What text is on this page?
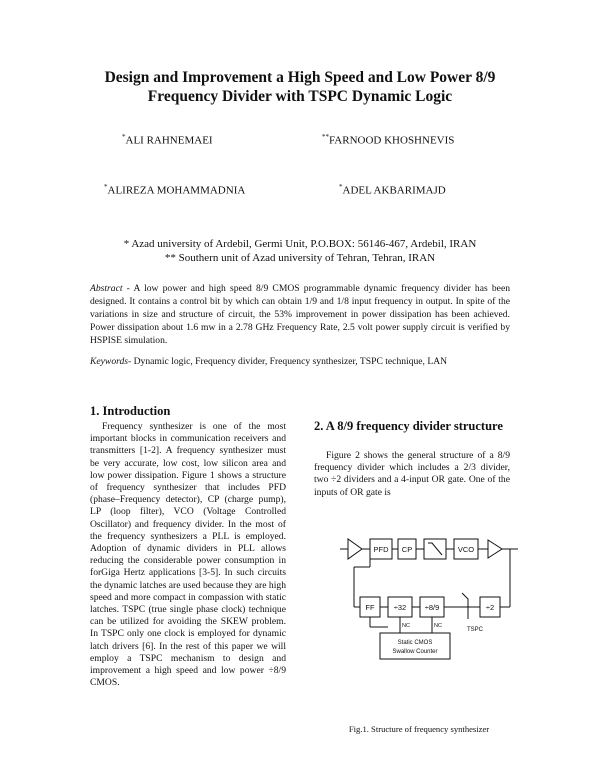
Design and Improvement a High Speed and Low Power 8/9
Frequency Divider with TSPC Dynamic Logic
*ALI RAHNEMAEI	**FARNOOD KHOSHNEVIS
*ALIREZA MOHAMMADNIA	*ADEL AKBARIMAJD
* Azad university of Ardebil, Germi Unit, P.O.BOX: 56146-467, Ardebil, IRAN
** Southern unit of Azad university of Tehran, Tehran, IRAN
Abstract - A low power and high speed 8/9 CMOS programmable dynamic frequency divider has been designed. It contains a control bit by which can obtain 1/9 and 1/8 input frequency in output. In spite of the variations in size and structure of circuit, the 53% improvement in power dissipation has been achieved. Power dissipation about 1.6 mw in a 2.78 GHz Frequency Rate, 2.5 volt power supply circuit is verified by HSPISE simulation.
Keywords- Dynamic logic, Frequency divider, Frequency synthesizer, TSPC technique, LAN
1. Introduction
Frequency synthesizer is one of the most important blocks in communication receivers and transmitters [1-2]. A frequency synthesizer must be very accurate, low cost, low silicon area and low power dissipation. Figure 1 shows a structure of frequency synthesizer that includes PFD (phase–Frequency detector), CP (charge pump), LP (loop filter), VCO (Voltage Controlled Oscillator) and frequency divider. In the most of the frequency synthesizers a PLL is employed. Adoption of dynamic dividers in PLL allows reducing the considerable power consumption in forGiga Hertz applications [3-5]. In such circuits the dynamic latches are used because they are high speed and more compact in compassion with static latches. TSPC (true single phase clock) technique can be utilized for avoiding the SKEW problem. In TSPC only one clock is employed for dynamic latch drivers [6]. In the rest of this paper we will employ a TSPC mechanism to design and improvement a high speed and low power ÷8/9 CMOS.
2. A 8/9 frequency divider structure
Figure 2 shows the general structure of a 8/9 frequency divider which includes a 2/3 divider, two ÷2 dividers and a 4-input OR gate. One of the inputs of OR gate is
PFD CP	VCO
FF	÷32 ÷8/9	÷2
NC	NC
TSPC
Static CMOS
Swallow Counter
Fig.1. Structure of frequency synthesizer
